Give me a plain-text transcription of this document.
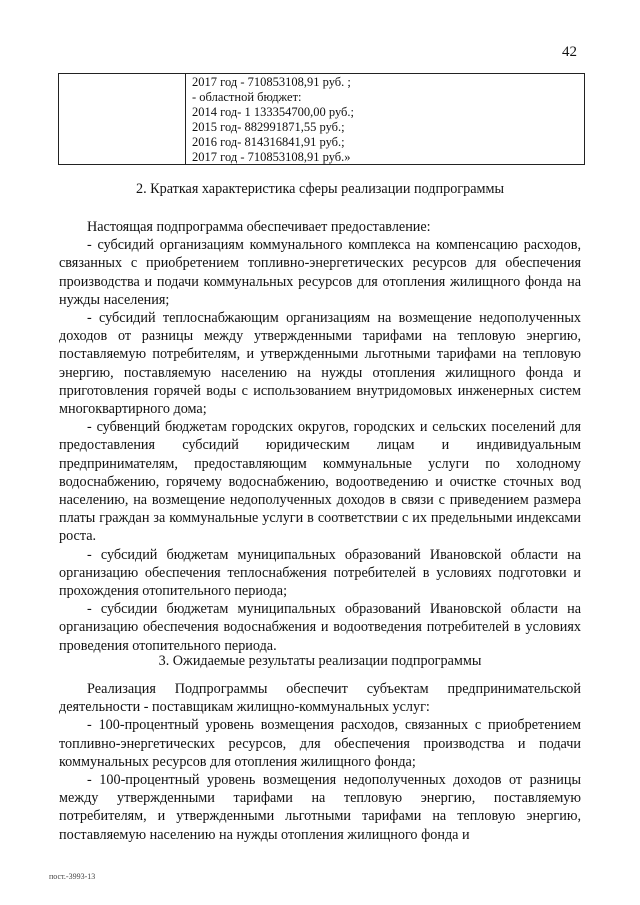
42
2017 год - 710853108,91 руб. ;
- областной бюджет:
2014 год- 1 133354700,00 руб.;
2015 год- 882991871,55 руб.;
2016 год- 814316841,91 руб.;
2017 год - 710853108,91 руб.»
2. Краткая характеристика сферы реализации подпрограммы

Настоящая подпрограмма обеспечивает предоставление:

- субсидий организациям коммунального комплекса на компенсацию расходов, связанных с приобретением топливно-энергетических ресурсов для обеспечения производства и подачи коммунальных ресурсов для отопления жилищного фонда на нужды населения;

- субсидий теплоснабжающим организациям на возмещение недополученных доходов от разницы между утвержденными тарифами на тепловую энергию, поставляемую потребителям, и утвержденными льготными тарифами на тепловую энергию, поставляемую населению на нужды отопления жилищного фонда и приготовления горячей воды с использованием внутридомовых инженерных систем многоквартирного дома;

- субвенций бюджетам городских округов, городских и сельских поселений для предоставления субсидий юридическим лицам и индивидуальным предпринимателям, предоставляющим коммунальные услуги по холодному водоснабжению, горячему водоснабжению, водоотведению и очистке сточных вод населению, на возмещение недополученных доходов в связи с приведением размера платы граждан за коммунальные услуги в соответствии с их предельными индексами роста.

- субсидий бюджетам муниципальных образований Ивановской области на организацию обеспечения теплоснабжения потребителей в условиях подготовки и прохождения отопительного периода;

- субсидии бюджетам муниципальных образований Ивановской области на организацию обеспечения водоснабжения и водоотведения потребителей в условиях проведения отопительного периода.

3. Ожидаемые результаты реализации подпрограммы

Реализация Подпрограммы обеспечит субъектам предпринимательской деятельности - поставщикам жилищно-коммунальных услуг:

- 100-процентный уровень возмещения расходов, связанных с приобретением топливно-энергетических ресурсов, для обеспечения производства и подачи коммунальных ресурсов для отопления жилищного фонда;

- 100-процентный уровень возмещения недополученных доходов от разницы между утвержденными тарифами на тепловую энергию, поставляемую потребителям, и утвержденными льготными тарифами на тепловую энергию, поставляемую населению на нужды отопления жилищного фонда и

пост.-3993-13
